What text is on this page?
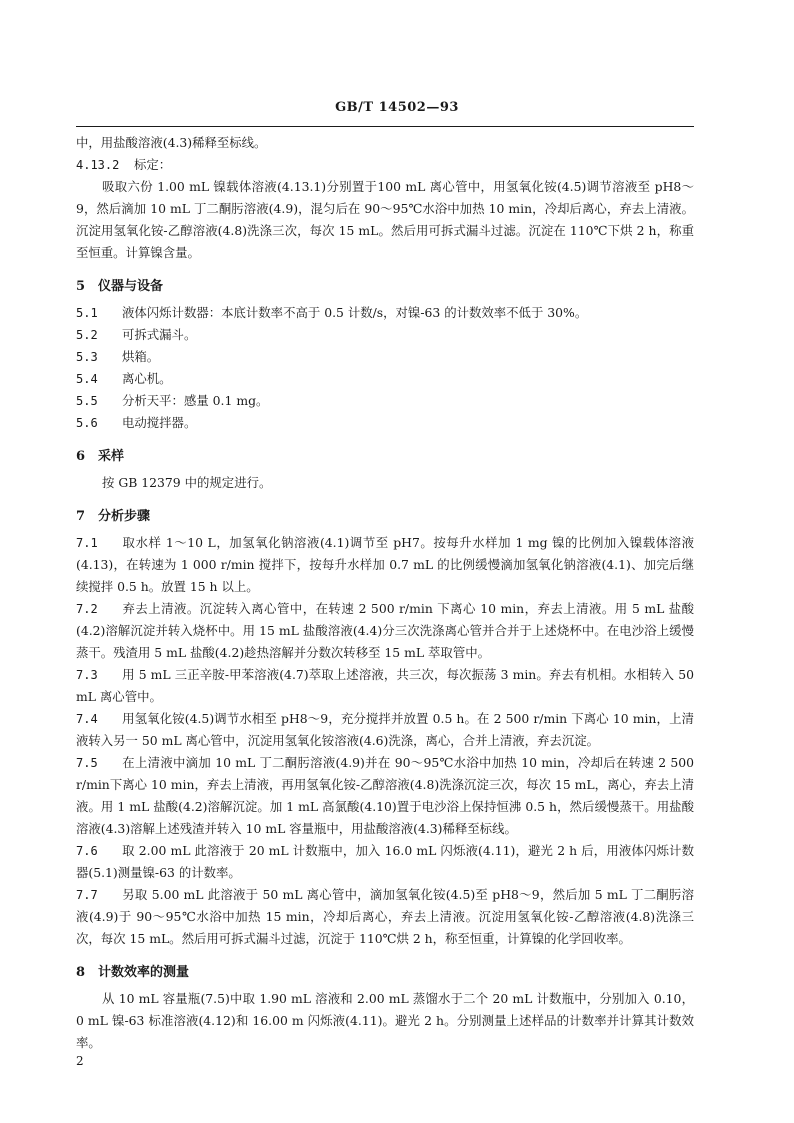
GB/T 14502—93

中，用盐酸溶液(4.3)稀释至标线。

4.13.2 标定：

吸取六份 1.00 mL 镍载体溶液(4.13.1)分别置于100 mL 离心管中，用氢氧化铵(4.5)调节溶液至 pH8～9，然后滴加 10 mL 丁二酮肟溶液(4.9)，混匀后在 90～95℃水浴中加热 10 min，冷却后离心，弃去上清液。沉淀用氢氧化铵-乙醇溶液(4.8)洗涤三次，每次 15 mL。然后用可拆式漏斗过滤。沉淀在 110℃下烘 2 h，称重至恒重。计算镍含量。

5 仪器与设备

5.1 液体闪烁计数器：本底计数率不高于 0.5 计数/s，对镍-63 的计数效率不低于 30%。

5.2 可拆式漏斗。

5.3 烘箱。

5.4 离心机。

5.5 分析天平：感量 0.1 mg。

5.6 电动搅拌器。

6 采样

按 GB 12379 中的规定进行。

7 分析步骤

7.1 取水样 1～10 L，加氢氧化钠溶液(4.1)调节至 pH7。按每升水样加 1 mg 镍的比例加入镍载体溶液(4.13)，在转速为 1 000 r/min 搅拌下，按每升水样加 0.7 mL 的比例缓慢滴加氢氧化钠溶液(4.1)、加完后继续搅拌 0.5 h。放置 15 h 以上。

7.2 弃去上清液。沉淀转入离心管中，在转速 2 500 r/min 下离心 10 min，弃去上清液。用 5 mL 盐酸(4.2)溶解沉淀并转入烧杯中。用 15 mL 盐酸溶液(4.4)分三次洗涤离心管并合并于上述烧杯中。在电沙浴上缓慢蒸干。残渣用 5 mL 盐酸(4.2)趁热溶解并分数次转移至 15 mL 萃取管中。

7.3 用 5 mL 三正辛胺-甲苯溶液(4.7)萃取上述溶液，共三次，每次振荡 3 min。弃去有机相。水相转入 50 mL 离心管中。

7.4 用氢氧化铵(4.5)调节水相至 pH8～9，充分搅拌并放置 0.5 h。在 2 500 r/min 下离心 10 min，上清液转入另一 50 mL 离心管中，沉淀用氢氧化铵溶液(4.6)洗涤，离心，合并上清液，弃去沉淀。

7.5 在上清液中滴加 10 mL 丁二酮肟溶液(4.9)并在 90～95℃水浴中加热 10 min，冷却后在转速 2 500 r/min下离心 10 min，弃去上清液，再用氢氧化铵-乙醇溶液(4.8)洗涤沉淀三次，每次 15 mL，离心，弃去上清液。用 1 mL 盐酸(4.2)溶解沉淀。加 1 mL 高氯酸(4.10)置于电沙浴上保持恒沸 0.5 h，然后缓慢蒸干。用盐酸溶液(4.3)溶解上述残渣并转入 10 mL 容量瓶中，用盐酸溶液(4.3)稀释至标线。

7.6 取 2.00 mL 此溶液于 20 mL 计数瓶中，加入 16.0 mL 闪烁液(4.11)，避光 2 h 后，用液体闪烁计数器(5.1)测量镍-63 的计数率。

7.7 另取 5.00 mL 此溶液于 50 mL 离心管中，滴加氢氧化铵(4.5)至 pH8～9，然后加 5 mL 丁二酮肟溶液(4.9)于 90～95℃水浴中加热 15 min，冷却后离心，弃去上清液。沉淀用氢氧化铵-乙醇溶液(4.8)洗涤三次，每次 15 mL。然后用可拆式漏斗过滤，沉淀于 110℃烘 2 h，称至恒重，计算镍的化学回收率。

8 计数效率的测量

从 10 mL 容量瓶(7.5)中取 1.90 mL 溶液和 2.00 mL 蒸馏水于二个 20 mL 计数瓶中，分别加入 0.10，0 mL 镍-63 标准溶液(4.12)和 16.00 m 闪烁液(4.11)。避光 2 h。分别测量上述样品的计数率并计算其计数效率。

2
